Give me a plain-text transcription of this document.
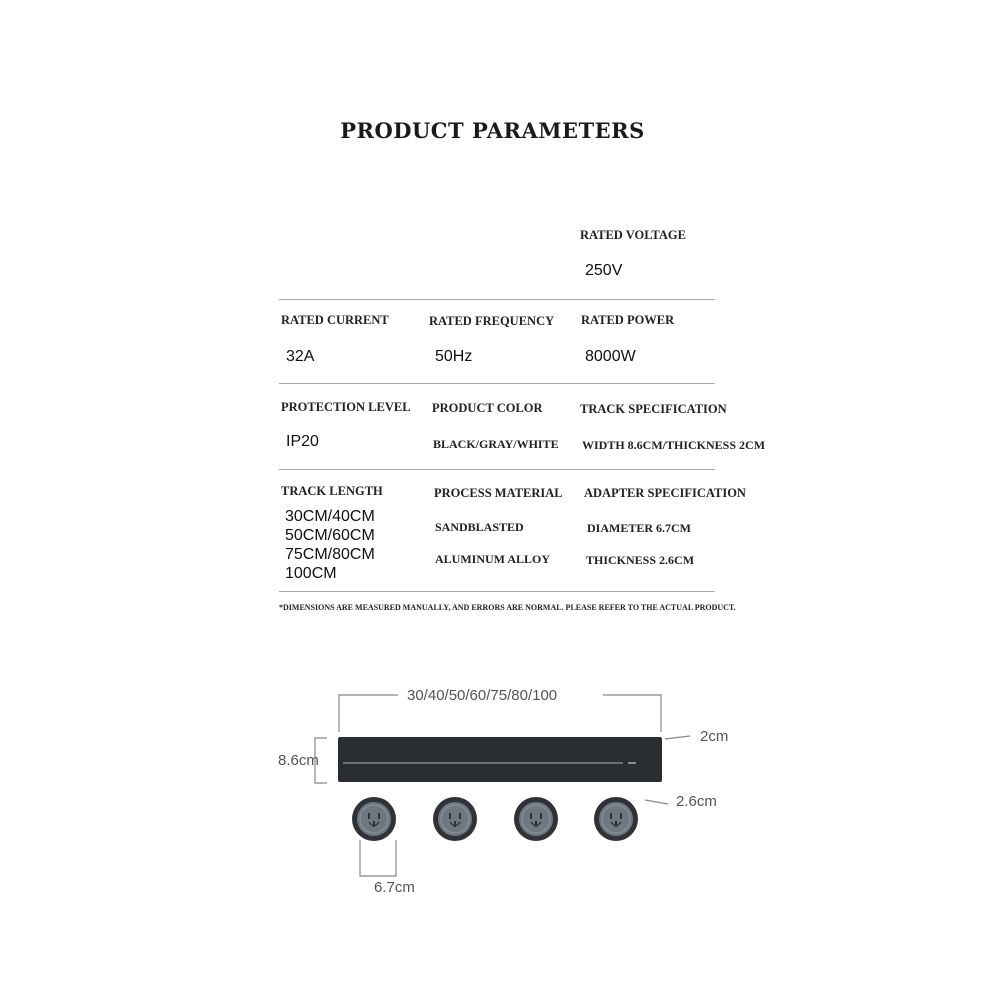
PRODUCT PARAMETERS
RATED VOLTAGE
250V
RATED CURRENT
32A
RATED FREQUENCY
50Hz
RATED POWER
8000W
PROTECTION LEVEL
IP20
PRODUCT COLOR
BLACK/GRAY/WHITE
TRACK SPECIFICATION
WIDTH 8.6CM/THICKNESS 2CM
TRACK LENGTH
30CM/40CM
50CM/60CM
75CM/80CM
100CM
PROCESS MATERIAL
SANDBLASTED
ALUMINUM ALLOY
ADAPTER SPECIFICATION
DIAMETER 6.7CM
THICKNESS 2.6CM
*DIMENSIONS ARE MEASURED MANUALLY, AND ERRORS ARE NORMAL. PLEASE REFER TO THE ACTUAL PRODUCT.
30/40/50/60/75/80/100
8.6cm
2cm
2.6cm
6.7cm
